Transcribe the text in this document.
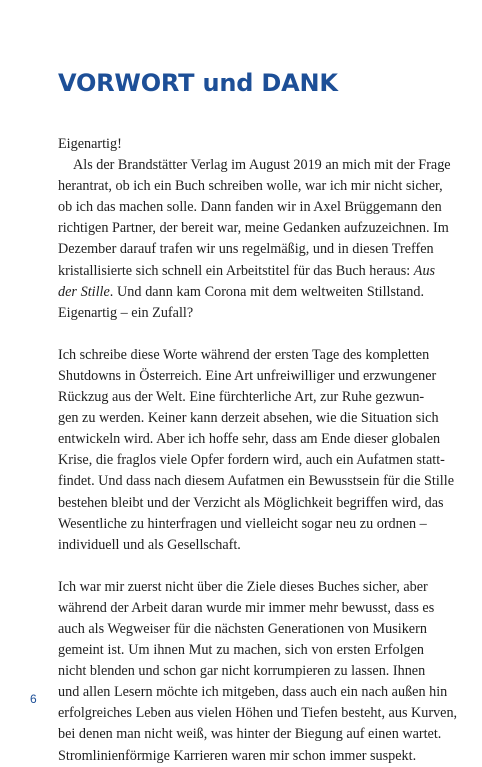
VORWORT und DANK

Eigenartig!

Als der Brandstätter Verlag im August 2019 an mich mit der Frage
herantrat, ob ich ein Buch schreiben wolle, war ich mir nicht sicher,
ob ich das machen solle. Dann fanden wir in Axel Brüggemann den
richtigen Partner, der bereit war, meine Gedanken aufzuzeichnen. Im
Dezember darauf trafen wir uns regelmäßig, und in diesen Treffen
kristallisierte sich schnell ein Arbeitstitel für das Buch heraus: Aus
der Stille. Und dann kam Corona mit dem weltweiten Stillstand.
Eigenartig – ein Zufall?

Ich schreibe diese Worte während der ersten Tage des kompletten
Shutdowns in Österreich. Eine Art unfreiwilliger und erzwungener
Rückzug aus der Welt. Eine fürchterliche Art, zur Ruhe gezwun-
gen zu werden. Keiner kann derzeit absehen, wie die Situation sich
entwickeln wird. Aber ich hoffe sehr, dass am Ende dieser globalen
Krise, die fraglos viele Opfer fordern wird, auch ein Aufatmen statt-
findet. Und dass nach diesem Aufatmen ein Bewusstsein für die Stille
bestehen bleibt und der Verzicht als Möglichkeit begriffen wird, das
Wesentliche zu hinterfragen und vielleicht sogar neu zu ordnen –
individuell und als Gesellschaft.

Ich war mir zuerst nicht über die Ziele dieses Buches sicher, aber
während der Arbeit daran wurde mir immer mehr bewusst, dass es
auch als Wegweiser für die nächsten Generationen von Musikern
gemeint ist. Um ihnen Mut zu machen, sich von ersten Erfolgen
nicht blenden und schon gar nicht korrumpieren zu lassen. Ihnen
und allen Lesern möchte ich mitgeben, dass auch ein nach außen hin
erfolgreiches Leben aus vielen Höhen und Tiefen besteht, aus Kurven,
bei denen man nicht weiß, was hinter der Biegung auf einen wartet.
Stromlinienförmige Karrieren waren mir schon immer suspekt.

6
